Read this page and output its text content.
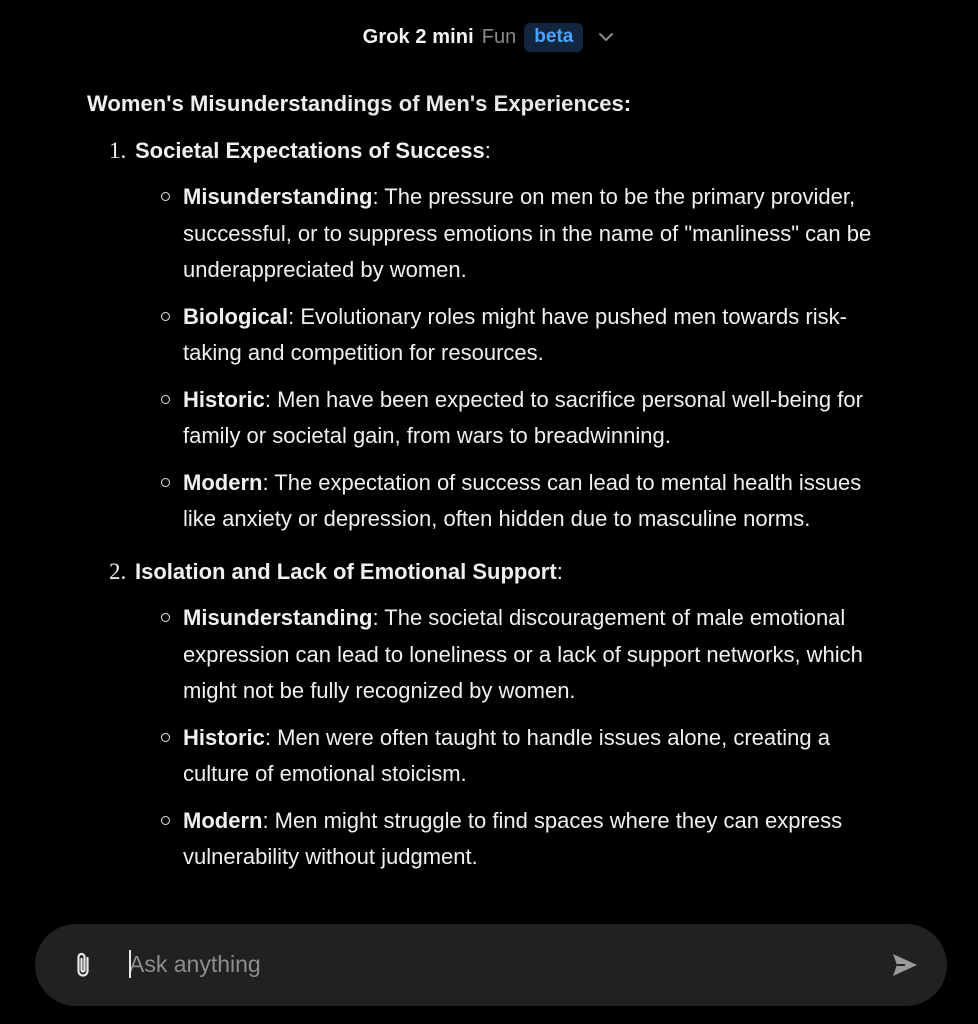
Grok 2 mini Fun beta
Women's Misunderstandings of Men's Experiences:
1. Societal Expectations of Success:
Misunderstanding: The pressure on men to be the primary provider, successful, or to suppress emotions in the name of "manliness" can be underappreciated by women.
Biological: Evolutionary roles might have pushed men towards risk-taking and competition for resources.
Historic: Men have been expected to sacrifice personal well-being for family or societal gain, from wars to breadwinning.
Modern: The expectation of success can lead to mental health issues like anxiety or depression, often hidden due to masculine norms.
2. Isolation and Lack of Emotional Support:
Misunderstanding: The societal discouragement of male emotional expression can lead to loneliness or a lack of support networks, which might not be fully recognized by women.
Historic: Men were often taught to handle issues alone, creating a culture of emotional stoicism.
Modern: Men might struggle to find spaces where they can express vulnerability without judgment.
Ask anything
